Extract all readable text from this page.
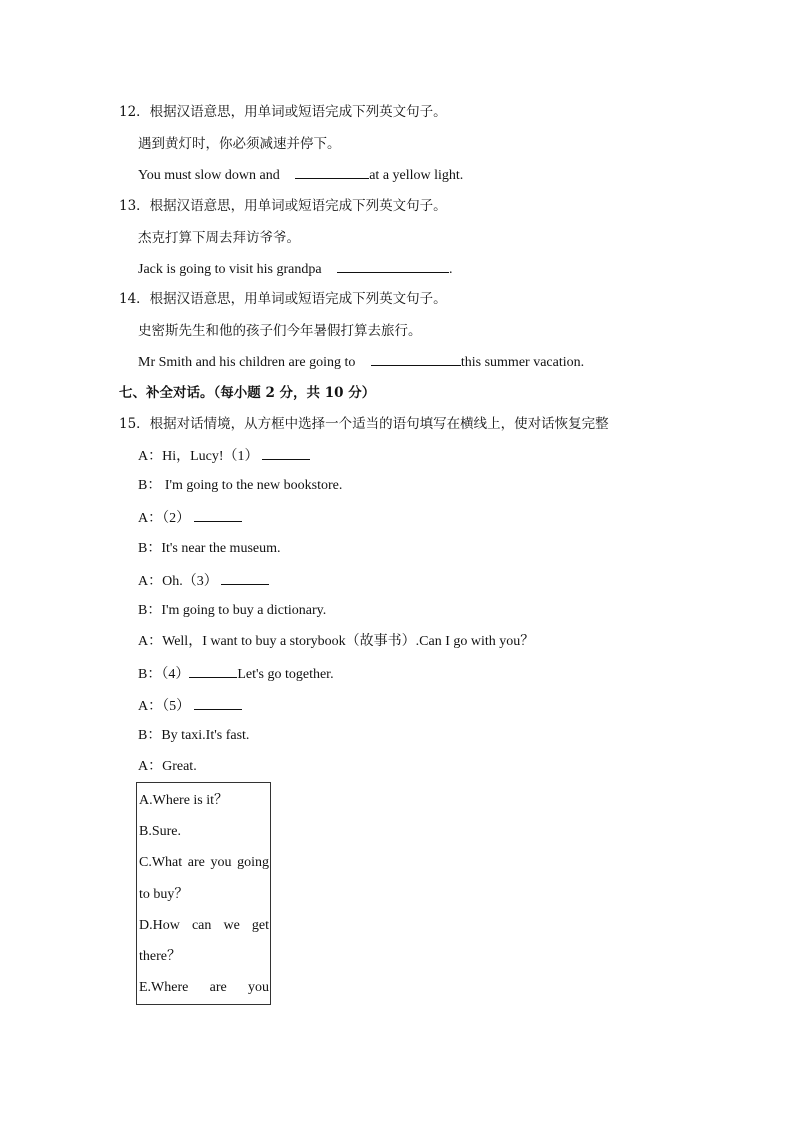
12．根据汉语意思，用单词或短语完成下列英文句子。
遇到黄灯时，你必须减速并停下。
You must slow down and	at a yellow light.
13．根据汉语意思，用单词或短语完成下列英文句子。
杰克打算下周去拜访爷爷。
Jack is going to visit his grandpa	.
14．根据汉语意思，用单词或短语完成下列英文句子。
史密斯先生和他的孩子们今年暑假打算去旅行。
Mr Smith and his children are going to	this summer vacation.
七、补全对话。（每小题 2 分，共 10 分）
15．根据对话情境，从方框中选择一个适当的语句填写在横线上，使对话恢复完整
A：Hi，Lucy!（1）
B： I'm going to the new bookstore.
A：（2）
B：It's near the museum.
A：Oh.（3）
B：I'm going to buy a dictionary.
A：Well，I want to buy a storybook（故事书）.Can I go with you？
B：（4）	Let's go together.
A：（5）
B：By taxi.It's fast.
A：Great.
A.Where is it？
B.Sure.
C.What are you going
to buy？
D.How can we get
there？
E.Where are you
